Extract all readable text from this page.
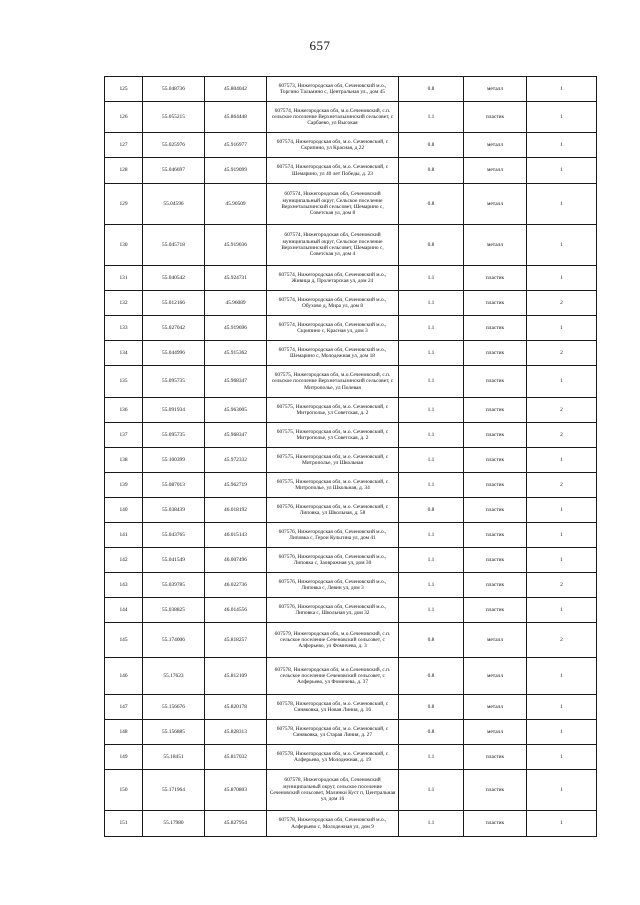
657
125	55.048736	45.804042	607573, Нижегородская обл, Сеченовский м.о., Торгино Тальмино с, Центральная ул., дом 45	0.8	металл	1
126	55.055215	45.864448	607574, Нижегородская обл, м.о.Сеченовский, с.п. сельское поселение Верхнеталызинский сельсовет, с Сарбаево, ул Высокая	1.1	пластик	1
127	55.025976	45.916977	607574, Нижегородская обл, м.о. Сеченовский, с Скрипино, ул Красная, д 22	0.8	металл	1
128	55.046697	45.919099	607574, Нижегородская обл, м.о. Сеченовский, с Шемарино, ул 40 лет Победы, д. 23	0.8	металл	1
129	55.04596	45.90509	607574, Нижегородская обл, Сеченовский муниципальный округ, Сельское поселение Верхнеталызинский сельсовет, Шемарино с, Советская ул, дом 8	0.8	металл	1
130	55.045718	45.919036	607574, Нижегородская обл, Сеченовский муниципальный округ, Сельское поселение Верхнеталызинский сельсовет, Шемарино с, Советская ул, дом 4	0.8	металл	1
131	55.040542	45.924731	607574, Нижегородская обл, Сеченовский м.о., Живица д, Пролетарская ул, дом 24	1.1	пластик	1
132	55.012166	45.96089	607574, Нижегородская обл, Сеченовский м.о., Обухово д, Мира ул, дом 8	1.1	пластик	2
133	55.027042	45.919696	607574, Нижегородская обл, Сеченовский м.о., Скрипино с, Красная ул, дом 3	1.1	пластик	1
134	55.044996	45.915362	607574, Нижегородская обл, Сеченовский м.о., Шемарино с, Молодежная ул, дом 18	1.1	пластик	2
135	55.095735	45.968347	607575, Нижегородская обл, м.о.Сеченовский, с.п. сельское поселение Верхнеталызинский сельсовет, с Митрополье, ул Полевая	1.1	пластик	1
136	55.091934	45.963005	607575, Нижегородская обл, м.о. Сеченовский, с Митрополье, ул Советская, д. 2	1.1	пластик	2
137	55.095735	45.968347	607575, Нижегородская обл, м.о. Сеченовский, с Митрополье, ул Советская, д. 2	1.1	пластик	2
138	55.100399	45.972332	607575, Нижегородская обл, м.о. Сеченовский, с Митрополье, ул Школьная	1.1	пластик	1
139	55.087013	45.962719	607575, Нижегородская обл, м.о. Сеченовский, с Митрополье, ул Школьная, д. 34	1.1	пластик	2
140	55.038439	46.018192	607576, Нижегородская обл, м.о. Сеченовский, с Липовка, ул Школьная, д. 58	0.8	пластик	1
141	55.043765	46.015143	607576, Нижегородская обл, Сеченовский м.о., Липовка с, Герои Кульгина ул, дом 41	1.1	пластик	1
142	55.041549	46.007496	607576, Нижегородская обл, Сеченовский м.о., Липовка с, Заовражная ул, дом 30	1.1	пластик	1
143	55.039785	46.022736	607576, Нижегородская обл, Сеченовский м.о., Липовка с, Левин ул, дом 3	1.1	пластик	2
144	55.038825	46.014556	607576, Нижегородская обл, Сеченовский м.о., Липовка с, Школьная ул, дом 32	1.1	пластик	1
145	55.174006	45.818257	607579, Нижегородская обл, м.о.Сеченовский, с.п. сельское поселение Сеченовский сельсовет, с Алферьево, ул Фомичева, д. 3	0.8	металл	2
146	55.17623	45.812109	607578, Нижегородская обл, м.о.Сеченовский, с.п. сельское поселение Сеченовский сельсовет, с Алферьево, ул Фомичева, д. 37	0.8	металл	1
147	55.156676	45.820178	607578, Нижегородская обл, м.о. Сеченовский, с Синяковка, ул Новая Линия, д. 16	0.8	металл	1
148	55.156885	45.828313	607578, Нижегородская обл, м.о. Сеченовский, с Синяковка, ул Старая Линия, д. 27	0.8	металл	1
149	55.18451	45.817032	607578, Нижегородская обл, м.о. Сеченовский, с Алферьево, ул Молодежная, д. 19	1.1	пластик	1
150	55.171964	45.870803	607578, Нижегородская обл, Сеченовский муниципальный округ, сельское поселение Сеченовский сельсовет, Малинки Куст п, Центральная ул, дом 16	1.1	пластик	1
151	55.17980	45.827954	607578, Нижегородская обл, Сеченовский м.о., Алферьево с, Молодежная ул, дом 9	1.1	пластик	1
